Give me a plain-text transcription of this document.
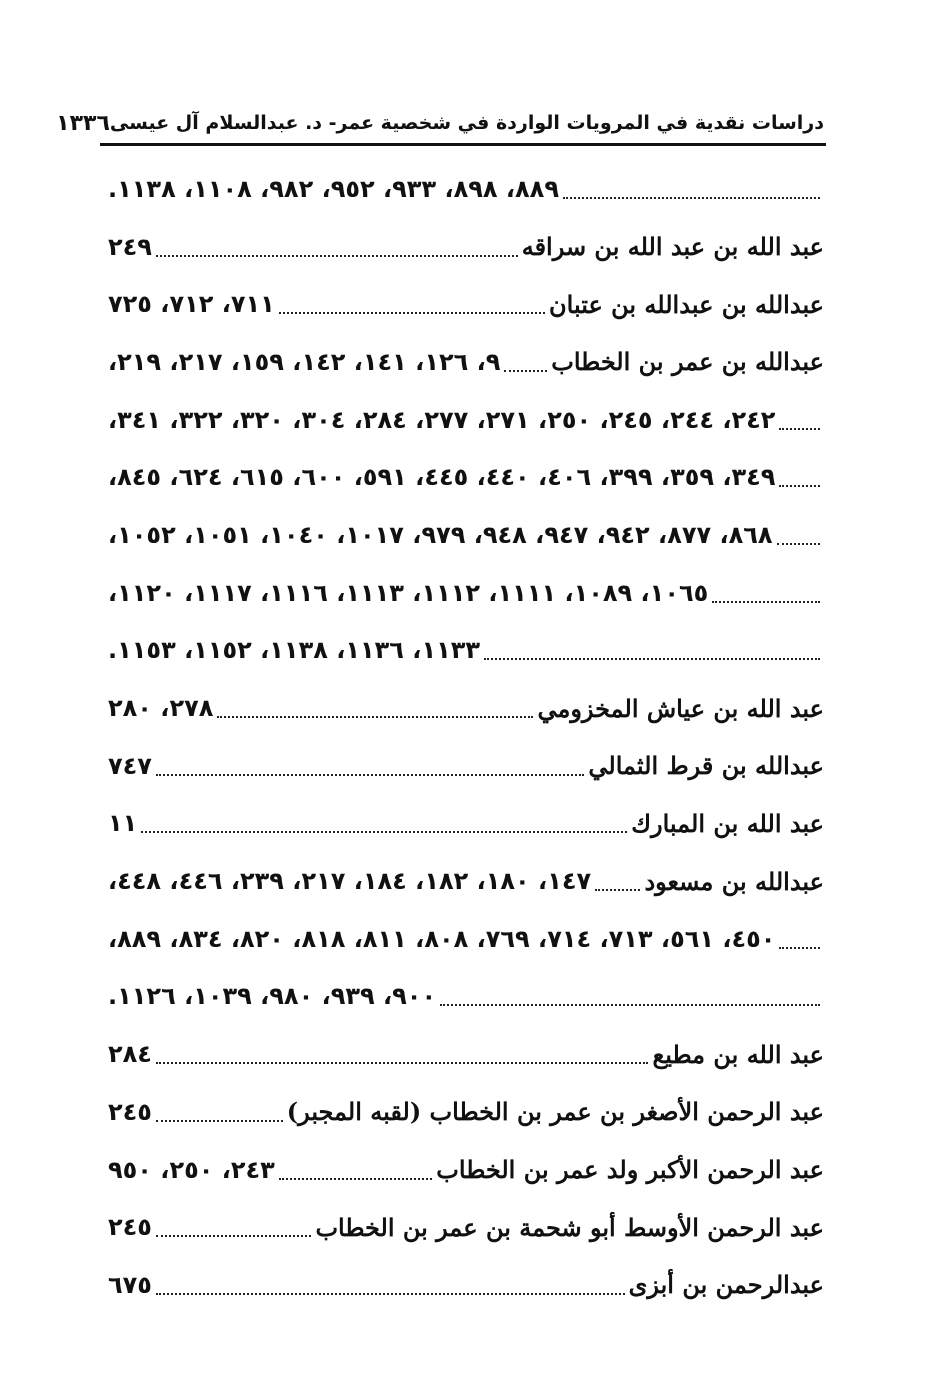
دراسات نقدية في المرويات الواردة في شخصية عمر- د. عبدالسلام آل عيسى
١٣٣٦
٨٨٩، ٨٩٨، ٩٣٣، ٩٥٢، ٩٨٢، ١١٠٨، ١١٣٨.
عبد الله بن عبد الله بن سراقه
٢٤٩
عبدالله بن عبدالله بن عتبان
٧١١، ٧١٢، ٧٢٥
عبدالله بن عمر بن الخطاب
٩، ١٢٦، ١٤١، ١٤٢، ١٥٩، ٢١٧، ٢١٩،
٢٤٢، ٢٤٤، ٢٤٥، ٢٥٠، ٢٧١، ٢٧٧، ٢٨٤، ٣٠٤، ٣٢٠، ٣٢٢، ٣٤١،
٣٤٩، ٣٥٩، ٣٩٩، ٤٠٦، ٤٤٠، ٤٤٥، ٥٩١، ٦٠٠، ٦١٥، ٦٢٤، ٨٤٥،
٨٦٨، ٨٧٧، ٩٤٢، ٩٤٧، ٩٤٨، ٩٧٩، ١٠١٧، ١٠٤٠، ١٠٥١، ١٠٥٢،
١٠٦٥، ١٠٨٩، ١١١١، ١١١٢، ١١١٣، ١١١٦، ١١١٧، ١١٢٠،
١١٣٣، ١١٣٦، ١١٣٨، ١١٥٢، ١١٥٣.
عبد الله بن عياش المخزومي
٢٧٨، ٢٨٠
عبدالله بن قرط الثمالي
٧٤٧
عبد الله بن المبارك
١١
عبدالله بن مسعود
١٤٧، ١٨٠، ١٨٢، ١٨٤، ٢١٧، ٢٣٩، ٤٤٦، ٤٤٨،
٤٥٠، ٥٦١، ٧١٣، ٧١٤، ٧٦٩، ٨٠٨، ٨١١، ٨١٨، ٨٢٠، ٨٣٤، ٨٨٩،
٩٠٠، ٩٣٩، ٩٨٠، ١٠٣٩، ١١٢٦.
عبد الله بن مطيع
٢٨٤
عبد الرحمن الأصغر بن عمر بن الخطاب (لقبه المجبر)
٢٤٥
عبد الرحمن الأكبر ولد عمر بن الخطاب
٢٤٣، ٢٥٠، ٩٥٠
عبد الرحمن الأوسط أبو شحمة بن عمر بن الخطاب
٢٤٥
عبدالرحمن بن أبزى
٦٧٥
